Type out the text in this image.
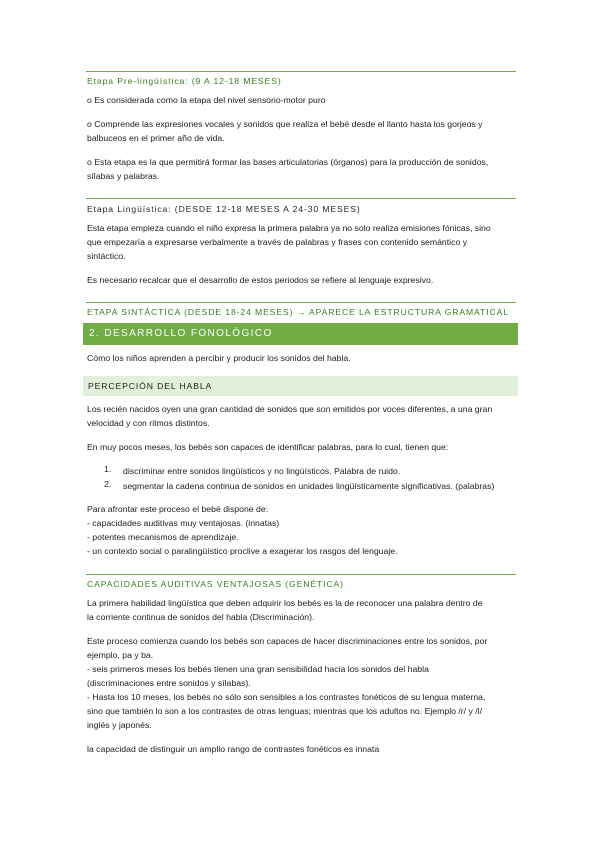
Etapa Pre-lingüística: (9 A 12-18 MESES)
o Es considerada como la etapa del nivel sensorio-motor puro
o Comprende las expresiones vocales y sonidos que realiza el bebé desde el llanto hasta los gorjeos y
balbuceos en el primer año de vida.
o Esta etapa es la que permitirá formar las bases articulatorias (órganos) para la producción de sonidos,
sílabas y palabras.
Etapa Lingüística: (DESDE 12-18 MESES A 24-30 MESES)
Esta etapa empieza cuando el niño expresa la primera palabra ya no solo realiza emisiones fónicas, sino
que empezaría a expresarse verbalmente a través de palabras y frases con contenido semántico y
sintáctico.
Es necesario recalcar que el desarrollo de estos periodos se refiere al lenguaje expresivo.
ETAPA SINTÁCTICA (DESDE 18-24 MESES) → APARECE LA ESTRUCTURA GRAMATICAL
2. DESARROLLO FONOLÓGICO
Cómo los niños aprenden a percibir y producir los sonidos del habla.
PERCEPCIÓN DEL HABLA
Los recién nacidos oyen una gran cantidad de sonidos que son emitidos por voces diferentes, a una gran
velocidad y con ritmos distintos.
En muy pocos meses, los bebés son capaces de identificar palabras, para lo cual, tienen que:
1. discriminar entre sonidos lingüísticos y no lingüísticos. Palabra de ruido.
2. segmentar la cadena continua de sonidos en unidades lingüísticamente significativas. (palabras)
Para afrontar este proceso el bebé dispone de:
- capacidades auditivas muy ventajosas. (innatas)
- potentes mecanismos de aprendizaje.
- un contexto social o paralingüístico proclive a exagerar los rasgos del lenguaje.
CAPACIDADES AUDITIVAS VENTAJOSAS (GENÉTICA)
La primera habilidad lingüística que deben adquirir los bebés es la de reconocer una palabra dentro de
la corriente continua de sonidos del habla (Discriminación).
Este proceso comienza cuando los bebés son capaces de hacer discriminaciones entre los sonidos, por
ejemplo, pa y ba.
- seis primeros meses los bebés tienen una gran sensibilidad hacia los sonidos del habla
(discriminaciones entre sonidos y sílabas).
- Hasta los 10 meses, los bebés no sólo son sensibles a los contrastes fonéticos de su lengua materna,
sino que también lo son a los contrastes de otras lenguas; mientras que los adultos no. Ejemplo /r/ y /l/
inglés y japonés.
la capacidad de distinguir un amplio rango de contrastes fonéticos es innata
